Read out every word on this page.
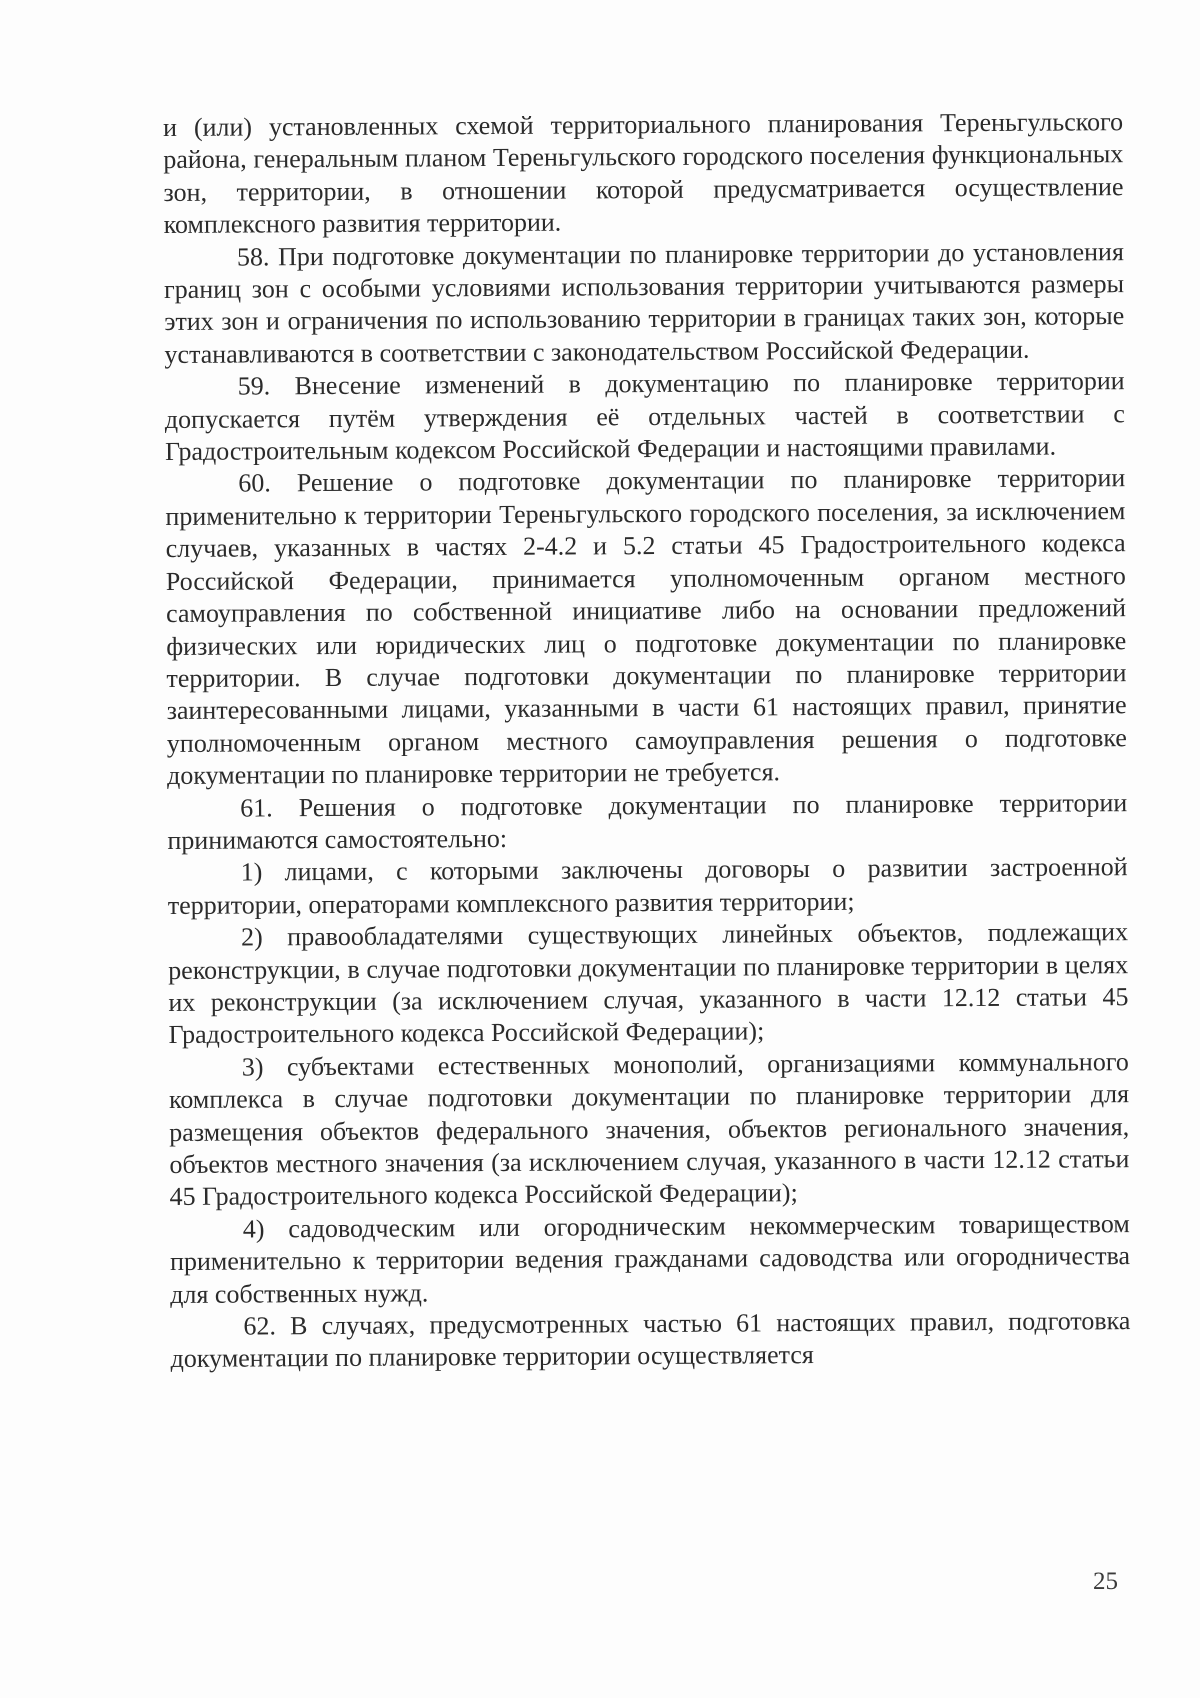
и (или) установленных схемой территориального планирования Тереньгульского района, генеральным планом Тереньгульского городского поселения функциональных зон, территории, в отношении которой предусматривается осуществление комплексного развития территории.

58. При подготовке документации по планировке территории до установления границ зон с особыми условиями использования территории учитываются размеры этих зон и ограничения по использованию территории в границах таких зон, которые устанавливаются в соответствии с законодательством Российской Федерации.

59. Внесение изменений в документацию по планировке территории допускается путём утверждения её отдельных частей в соответствии с Градостроительным кодексом Российской Федерации и настоящими правилами.

60. Решение о подготовке документации по планировке территории применительно к территории Тереньгульского городского поселения, за исключением случаев, указанных в частях 2-4.2 и 5.2 статьи 45 Градостроительного кодекса Российской Федерации, принимается уполномоченным органом местного самоуправления по собственной инициативе либо на основании предложений физических или юридических лиц о подготовке документации по планировке территории. В случае подготовки документации по планировке территории заинтересованными лицами, указанными в части 61 настоящих правил, принятие уполномоченным органом местного самоуправления решения о подготовке документации по планировке территории не требуется.

61. Решения о подготовке документации по планировке территории принимаются самостоятельно:

1) лицами, с которыми заключены договоры о развитии застроенной территории, операторами комплексного развития территории;

2) правообладателями существующих линейных объектов, подлежащих реконструкции, в случае подготовки документации по планировке территории в целях их реконструкции (за исключением случая, указанного в части 12.12 статьи 45 Градостроительного кодекса Российской Федерации);

3) субъектами естественных монополий, организациями коммунального комплекса в случае подготовки документации по планировке территории для размещения объектов федерального значения, объектов регионального значения, объектов местного значения (за исключением случая, указанного в части 12.12 статьи 45 Градостроительного кодекса Российской Федерации);

4) садоводческим или огородническим некоммерческим товариществом применительно к территории ведения гражданами садоводства или огородничества для собственных нужд.

62. В случаях, предусмотренных частью 61 настоящих правил, подготовка документации по планировке территории осуществляется

25
